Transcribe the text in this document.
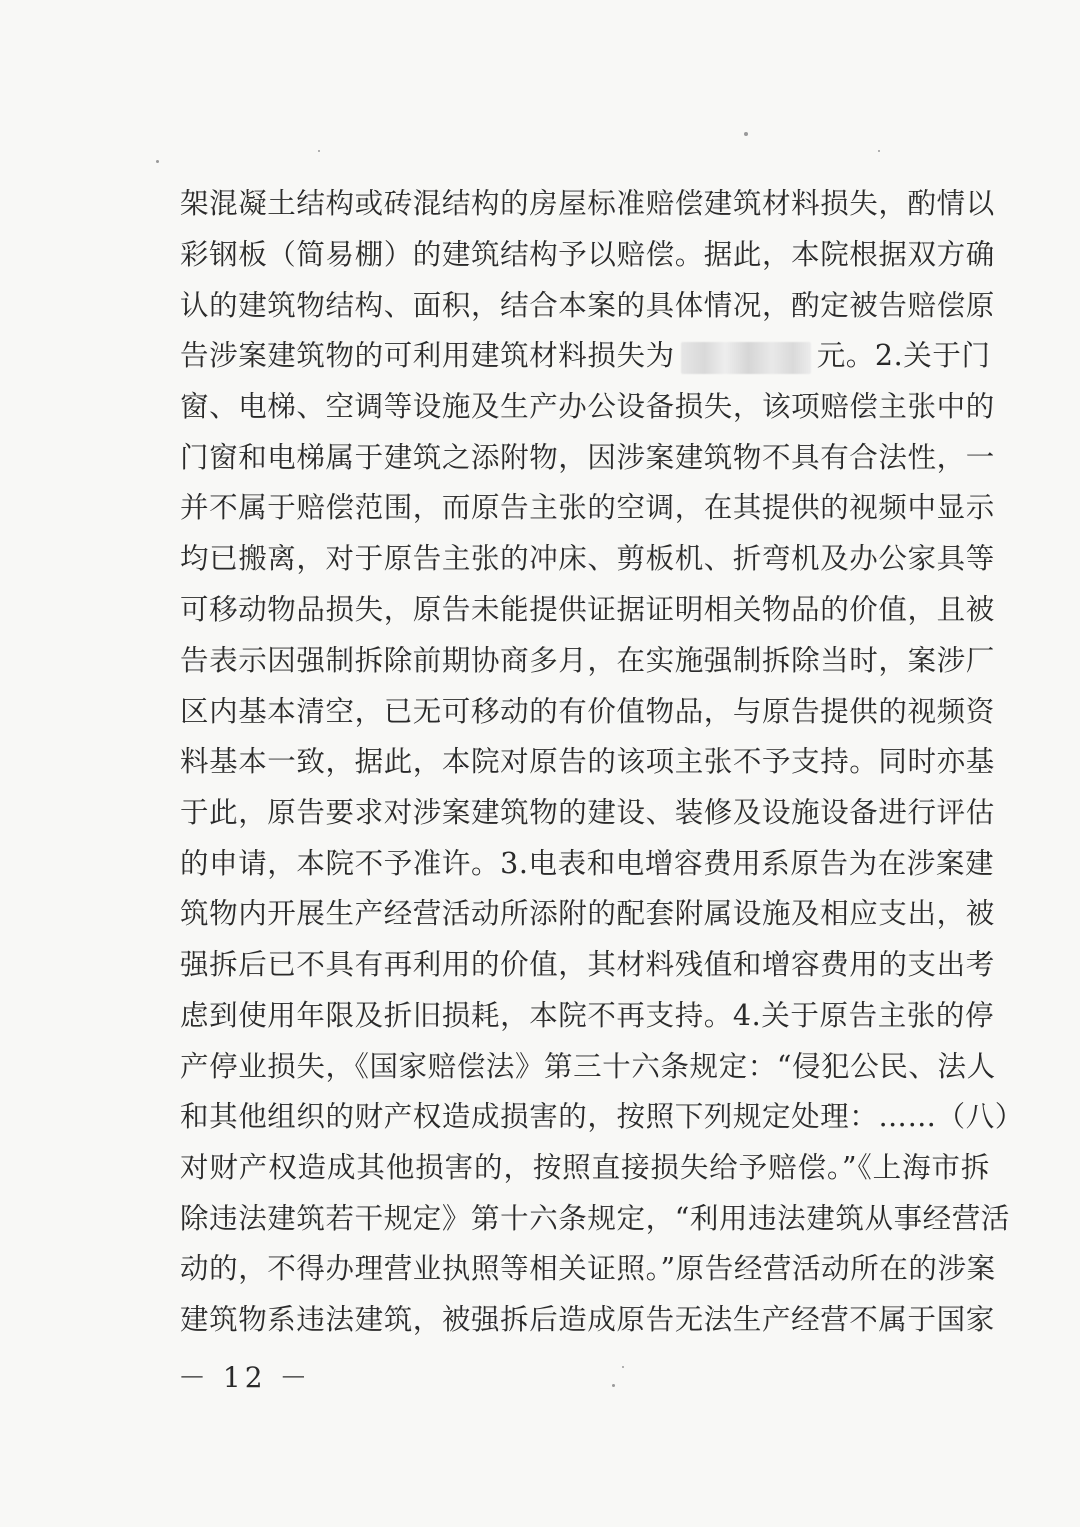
架混凝土结构或砖混结构的房屋标准赔偿建筑材料损失，酌情以
彩钢板（简易棚）的建筑结构予以赔偿。据此，本院根据双方确
认的建筑物结构、面积，结合本案的具体情况，酌定被告赔偿原
告涉案建筑物的可利用建筑材料损失为	元。2.关于门
窗、电梯、空调等设施及生产办公设备损失，该项赔偿主张中的
门窗和电梯属于建筑之添附物，因涉案建筑物不具有合法性，一
并不属于赔偿范围，而原告主张的空调，在其提供的视频中显示
均已搬离，对于原告主张的冲床、剪板机、折弯机及办公家具等
可移动物品损失，原告未能提供证据证明相关物品的价值，且被
告表示因强制拆除前期协商多月，在实施强制拆除当时，案涉厂
区内基本清空，已无可移动的有价值物品，与原告提供的视频资
料基本一致，据此，本院对原告的该项主张不予支持。同时亦基
于此，原告要求对涉案建筑物的建设、装修及设施设备进行评估
的申请，本院不予准许。3.电表和电增容费用系原告为在涉案建
筑物内开展生产经营活动所添附的配套附属设施及相应支出，被
强拆后已不具有再利用的价值，其材料残值和增容费用的支出考
虑到使用年限及折旧损耗，本院不再支持。4.关于原告主张的停
产停业损失，《国家赔偿法》第三十六条规定：“侵犯公民、法人
和其他组织的财产权造成损害的，按照下列规定处理：……（八）
对财产权造成其他损害的，按照直接损失给予赔偿。”《上海市拆
除违法建筑若干规定》第十六条规定，“利用违法建筑从事经营活
动的，不得办理营业执照等相关证照。”原告经营活动所在的涉案
建筑物系违法建筑，被强拆后造成原告无法生产经营不属于国家
－ 12 －
